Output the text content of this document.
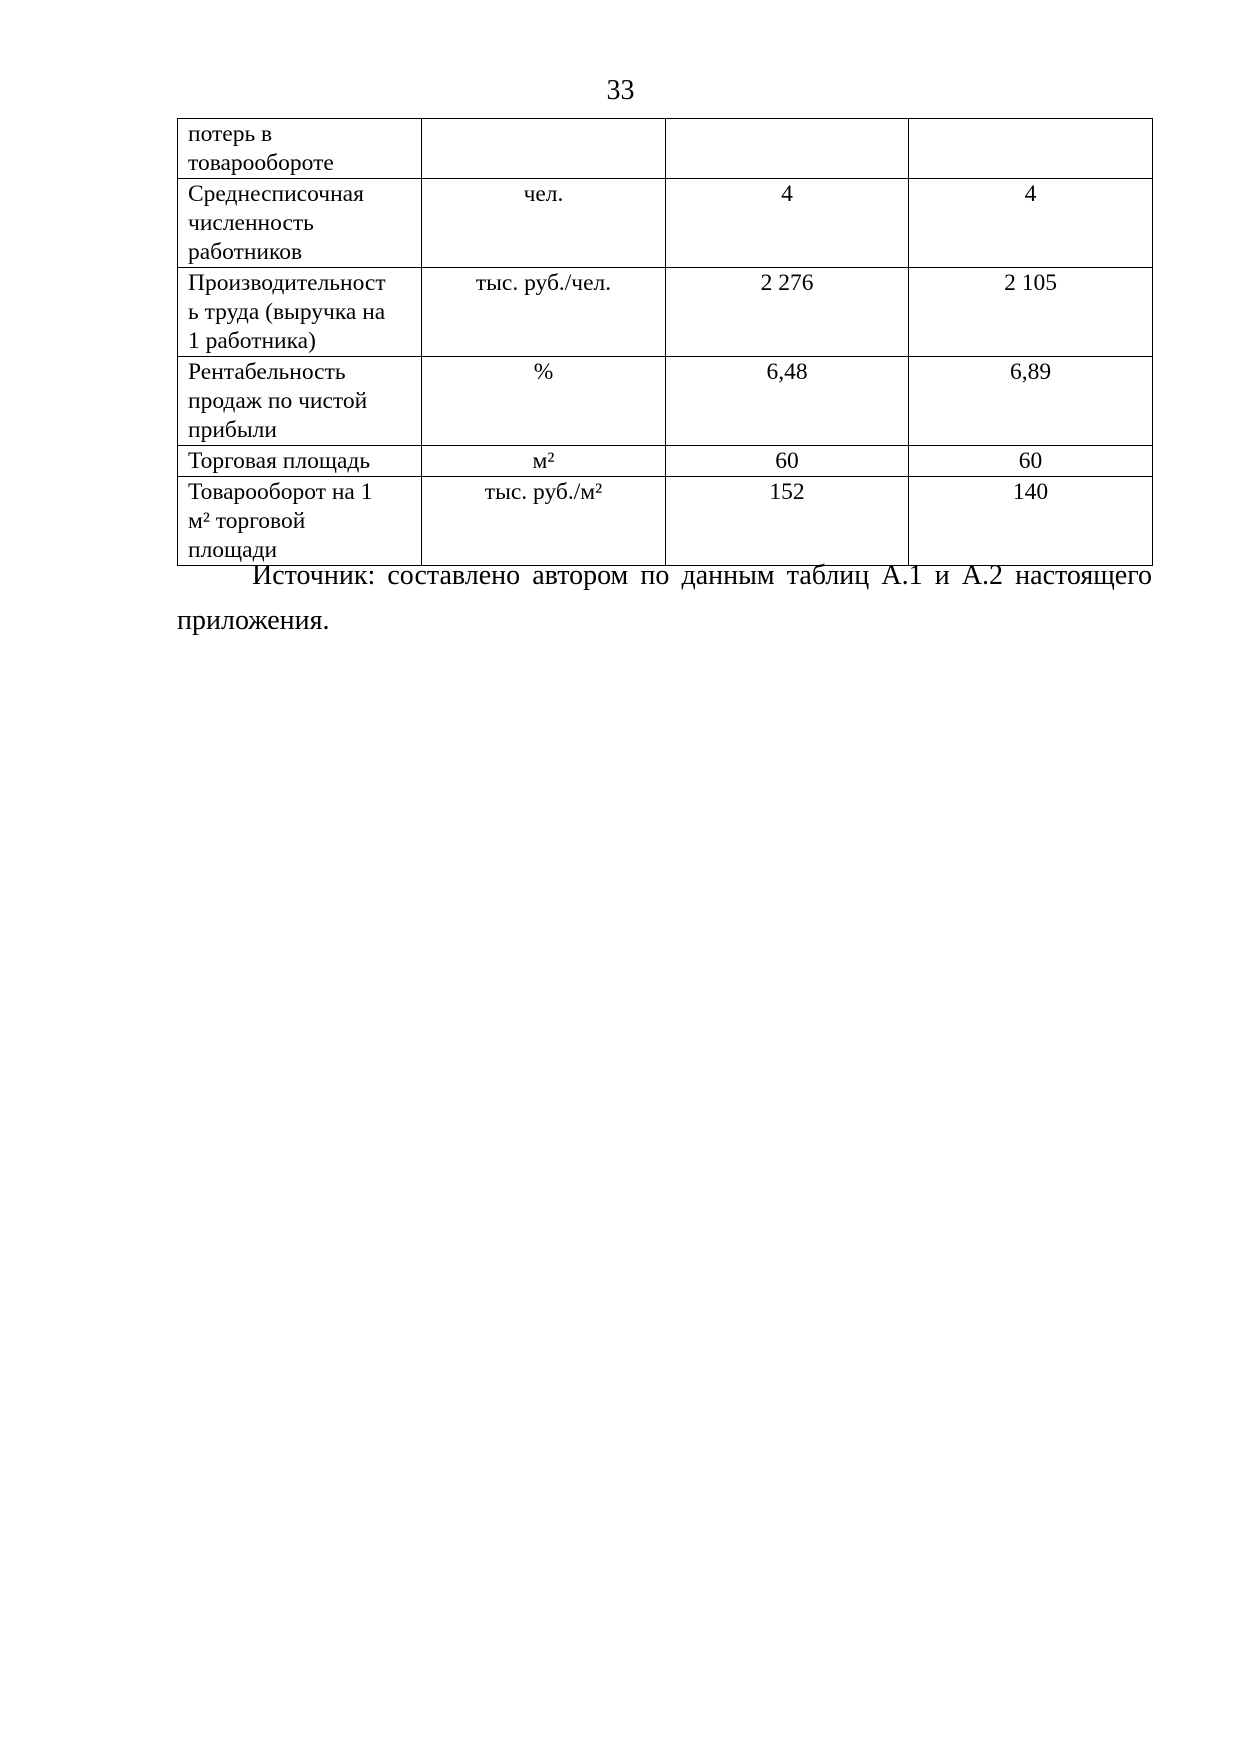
33
потерь в
товарообороте			
Среднесписочная
численность
работников	чел.	4	4
Производительност
ь труда (выручка на
1 работника)	тыс. руб./чел.	2 276	2 105
Рентабельность
продаж по чистой
прибыли	%	6,48	6,89
Торговая площадь	м²	60	60
Товарооборот на 1
м² торговой
площади	тыс. руб./м²	152	140

Источник: составлено автором по данным таблиц А.1 и А.2 настоящего приложения.
